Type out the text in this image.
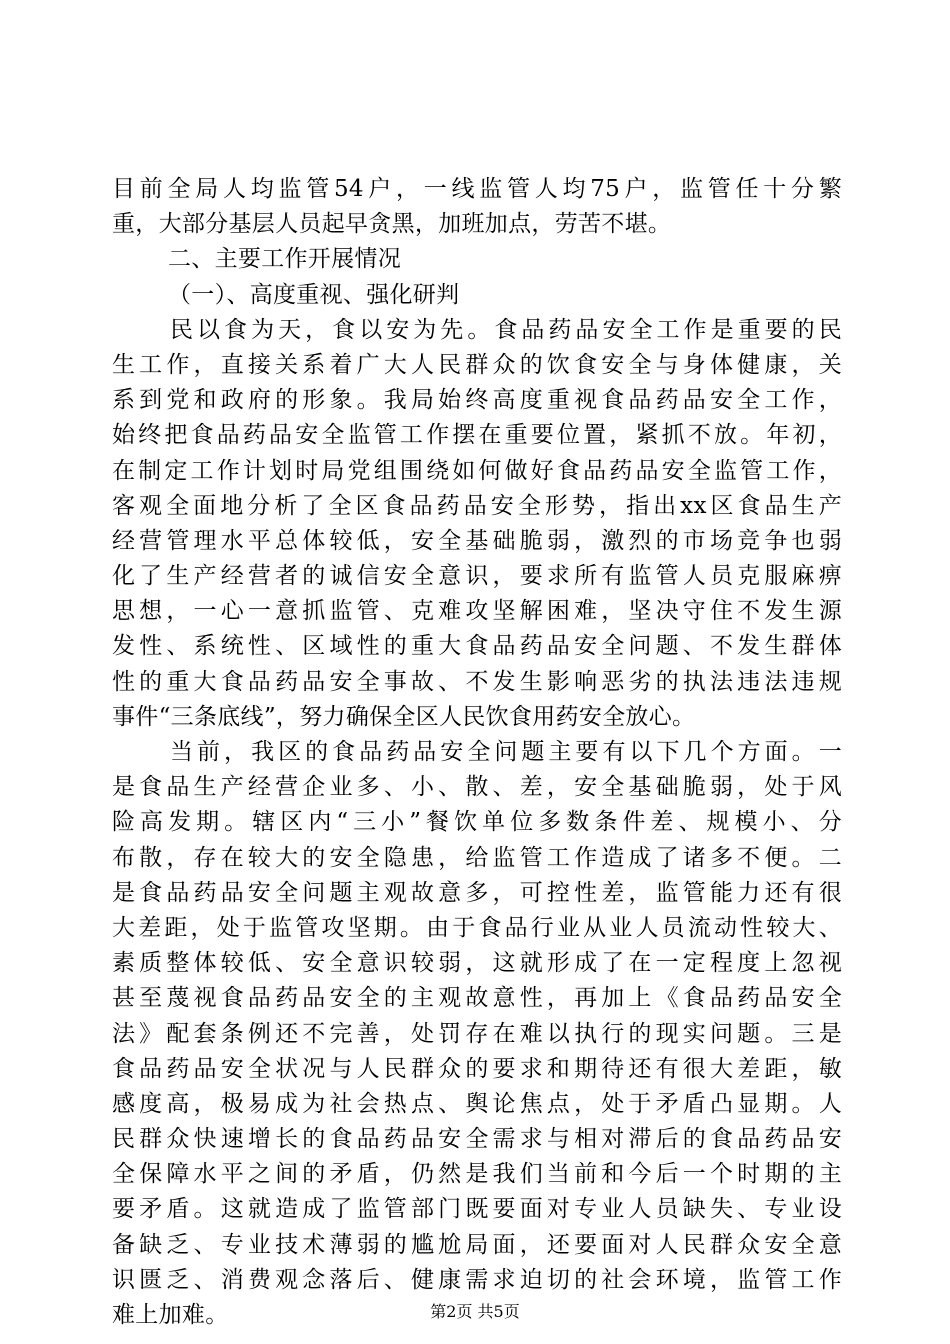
目前全局人均监管54户，一线监管人均75户，监管任十分繁
重，大部分基层人员起早贪黑，加班加点，劳苦不堪。
二、主要工作开展情况
（一）、高度重视、强化研判
民以食为天，食以安为先。食品药品安全工作是重要的民
生工作，直接关系着广大人民群众的饮食安全与身体健康，关
系到党和政府的形象。我局始终高度重视食品药品安全工作，
始终把食品药品安全监管工作摆在重要位置，紧抓不放。年初，
在制定工作计划时局党组围绕如何做好食品药品安全监管工作，
客观全面地分析了全区食品药品安全形势，指出xx区食品生产
经营管理水平总体较低，安全基础脆弱，激烈的市场竞争也弱
化了生产经营者的诚信安全意识，要求所有监管人员克服麻痹
思想，一心一意抓监管、克难攻坚解困难，坚决守住不发生源
发性、系统性、区域性的重大食品药品安全问题、不发生群体
性的重大食品药品安全事故、不发生影响恶劣的执法违法违规
事件“三条底线”，努力确保全区人民饮食用药安全放心。
当前，我区的食品药品安全问题主要有以下几个方面。一
是食品生产经营企业多、小、散、差，安全基础脆弱，处于风
险高发期。辖区内“三小”餐饮单位多数条件差、规模小、分
布散，存在较大的安全隐患，给监管工作造成了诸多不便。二
是食品药品安全问题主观故意多，可控性差，监管能力还有很
大差距，处于监管攻坚期。由于食品行业从业人员流动性较大、
素质整体较低、安全意识较弱，这就形成了在一定程度上忽视
甚至蔑视食品药品安全的主观故意性，再加上《食品药品安全
法》配套条例还不完善，处罚存在难以执行的现实问题。三是
食品药品安全状况与人民群众的要求和期待还有很大差距，敏
感度高，极易成为社会热点、舆论焦点，处于矛盾凸显期。人
民群众快速增长的食品药品安全需求与相对滞后的食品药品安
全保障水平之间的矛盾，仍然是我们当前和今后一个时期的主
要矛盾。这就造成了监管部门既要面对专业人员缺失、专业设
备缺乏、专业技术薄弱的尴尬局面，还要面对人民群众安全意
识匮乏、消费观念落后、健康需求迫切的社会环境，监管工作
难上加难。	第2页 共5页
